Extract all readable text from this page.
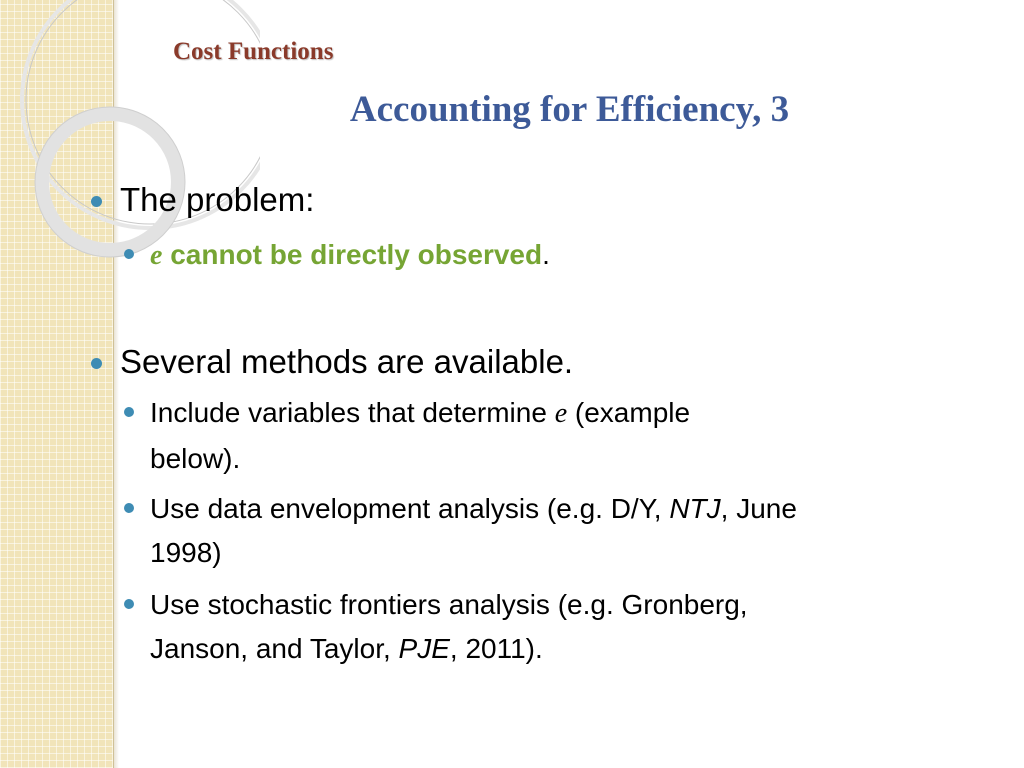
Cost Functions
Accounting for Efficiency, 3
The problem:
e cannot be directly observed.
Several methods are available.
Include variables that determine e (example
below).
Use data envelopment analysis (e.g. D/Y, NTJ, June
1998)
Use stochastic frontiers analysis (e.g. Gronberg,
Janson, and Taylor, PJE, 2011).
